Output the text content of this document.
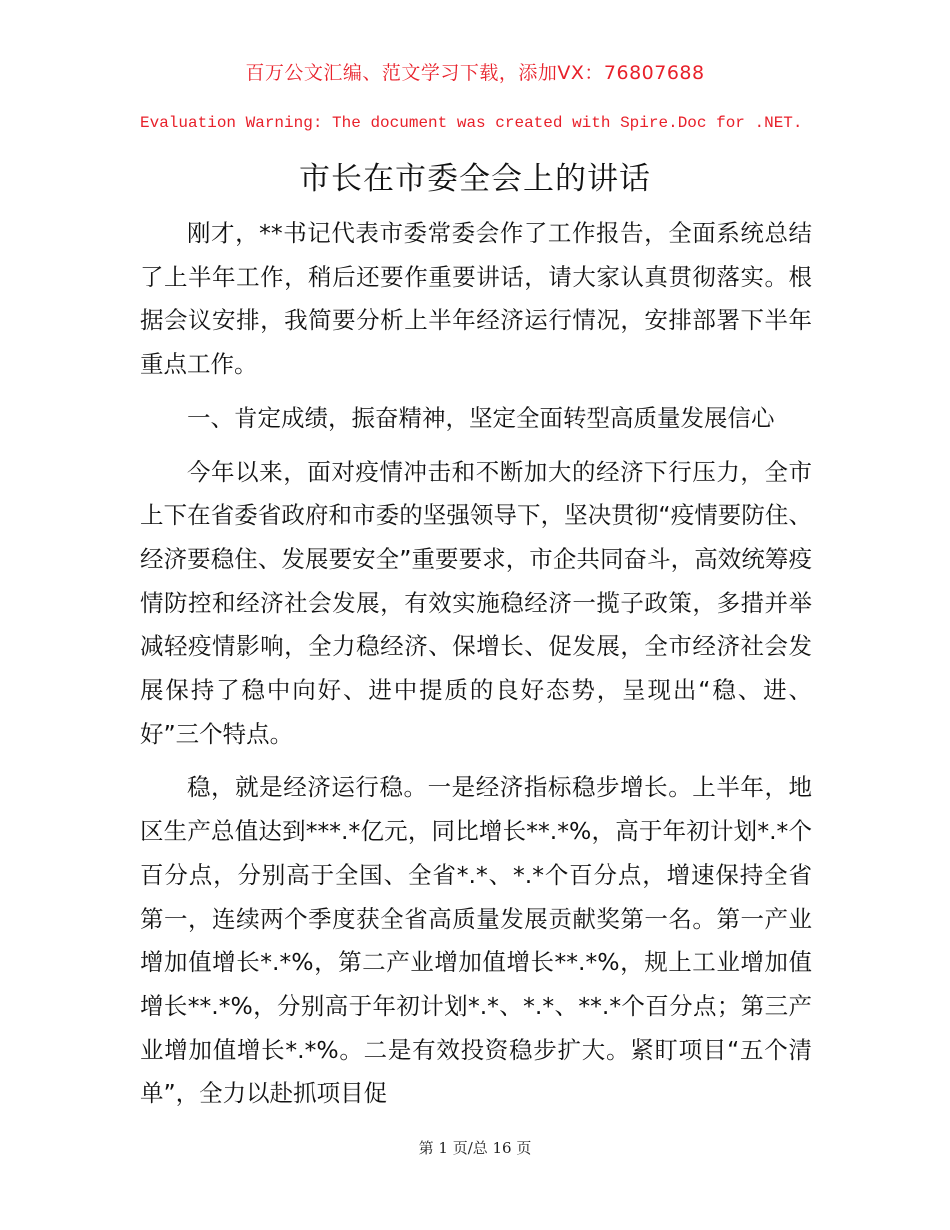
百万公文汇编、范文学习下载，添加VX：76807688
Evaluation Warning: The document was created with Spire.Doc for .NET.
市长在市委全会上的讲话

刚才，**书记代表市委常委会作了工作报告，全面系统总结了上半年工作，稍后还要作重要讲话，请大家认真贯彻落实。根据会议安排，我简要分析上半年经济运行情况，安排部署下半年重点工作。

一、肯定成绩，振奋精神，坚定全面转型高质量发展信心

今年以来，面对疫情冲击和不断加大的经济下行压力，全市上下在省委省政府和市委的坚强领导下，坚决贯彻“疫情要防住、经济要稳住、发展要安全”重要要求，市企共同奋斗，高效统筹疫情防控和经济社会发展，有效实施稳经济一揽子政策，多措并举减轻疫情影响，全力稳经济、保增长、促发展，全市经济社会发展保持了稳中向好、进中提质的良好态势，呈现出“稳、进、好”三个特点。

稳，就是经济运行稳。一是经济指标稳步增长。上半年，地区生产总值达到***.*亿元，同比增长**.*%，高于年初计划*.*个百分点，分别高于全国、全省*.*、*.*个百分点，增速保持全省第一，连续两个季度获全省高质量发展贡献奖第一名。第一产业增加值增长*.*%，第二产业增加值增长**.*%，规上工业增加值增长**.*%，分别高于年初计划*.*、*.*、**.*个百分点；第三产业增加值增长*.*%。二是有效投资稳步扩大。紧盯项目“五个清单”，全力以赴抓项目促

第 1 页/总 16 页
